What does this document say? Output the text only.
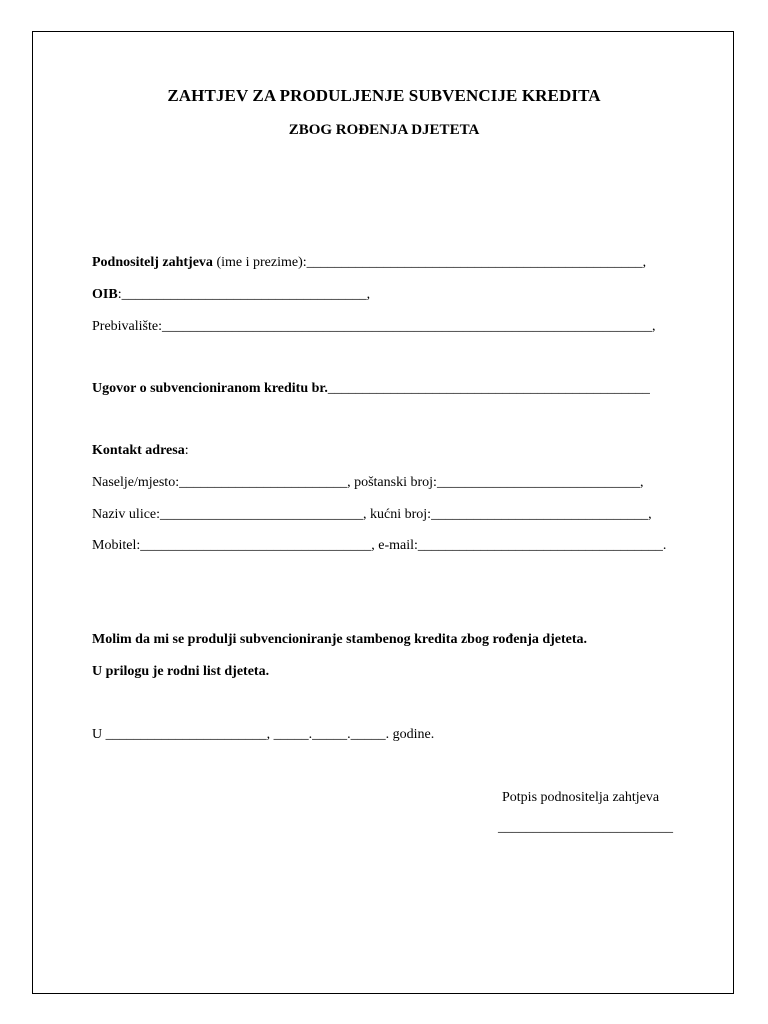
ZAHTJEV ZA PRODULJENJE SUBVENCIJE KREDITA
ZBOG ROĐENJA DJETETA
Podnositelj zahtjeva (ime i prezime):________________________________________________,
OIB:___________________________________,
Prebivalište:______________________________________________________________________,
Ugovor o subvencioniranom kreditu br.______________________________________________
Kontakt adresa:
Naselje/mjesto:________________________, poštanski broj:_____________________________,
Naziv ulice:_____________________________, kućni broj:_______________________________,
Mobitel:_________________________________, e-mail:___________________________________.
Molim da mi se produlji subvencioniranje stambenog kredita zbog rođenja djeteta.
U prilogu je rodni list djeteta.
U _______________________, _____._____._____. godine.
Potpis podnositelja zahtjeva
_________________________
